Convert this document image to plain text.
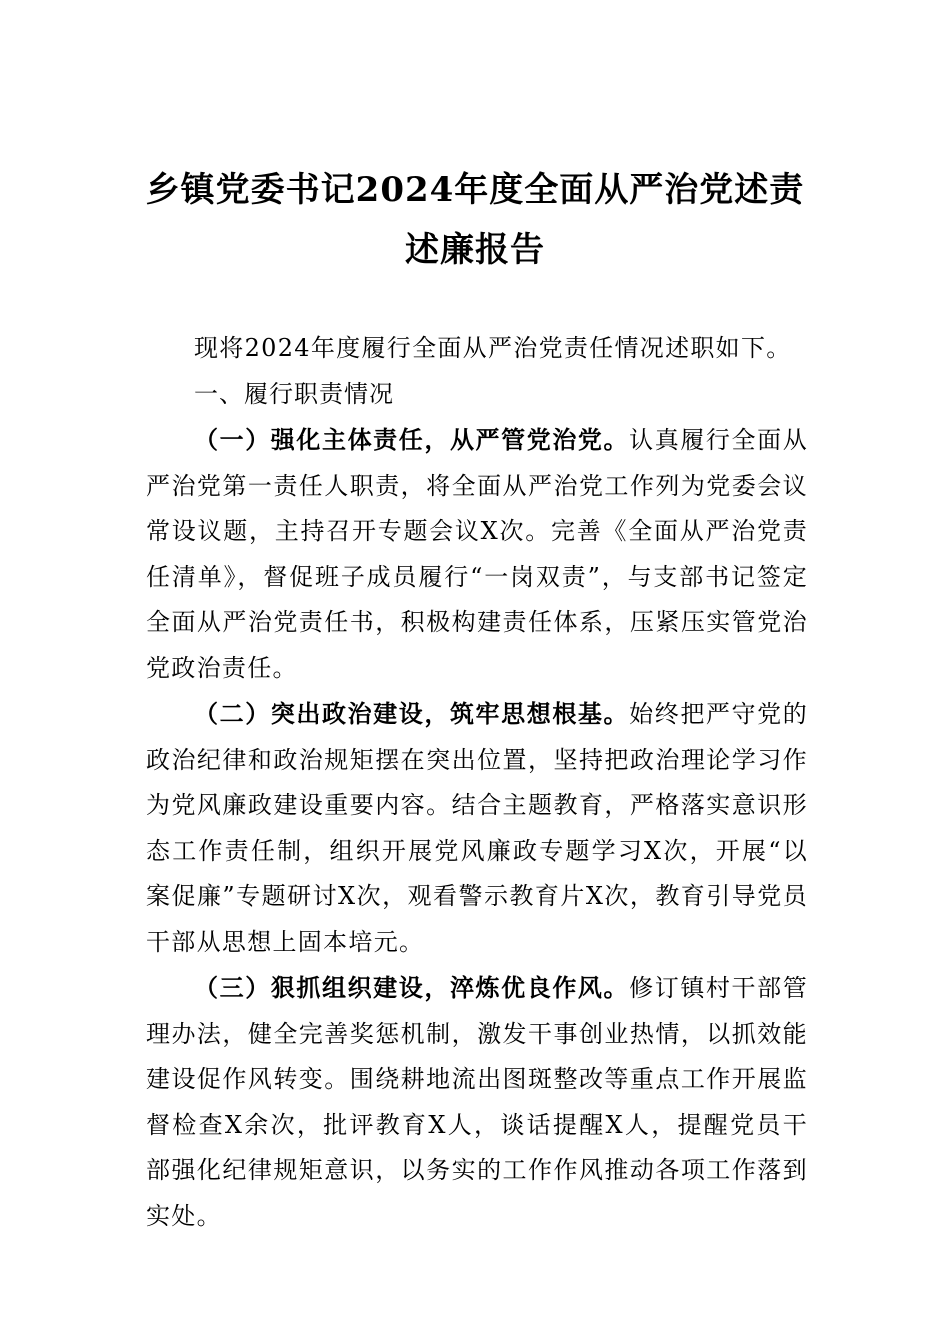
乡镇党委书记2024年度全面从严治党述责
述廉报告

现将2024年度履行全面从严治党责任情况述职如下。

一、履行职责情况

（一）强化主体责任，从严管党治党。认真履行全面从严治党第一责任人职责，将全面从严治党工作列为党委会议常设议题，主持召开专题会议X次。完善《全面从严治党责任清单》，督促班子成员履行“一岗双责”，与支部书记签定全面从严治党责任书，积极构建责任体系，压紧压实管党治党政治责任。

（二）突出政治建设，筑牢思想根基。始终把严守党的政治纪律和政治规矩摆在突出位置，坚持把政治理论学习作为党风廉政建设重要内容。结合主题教育，严格落实意识形态工作责任制，组织开展党风廉政专题学习X次，开展“以案促廉”专题研讨X次，观看警示教育片X次，教育引导党员干部从思想上固本培元。

（三）狠抓组织建设，淬炼优良作风。修订镇村干部管理办法，健全完善奖惩机制，激发干事创业热情，以抓效能建设促作风转变。围绕耕地流出图斑整改等重点工作开展监督检查X余次，批评教育X人，谈话提醒X人，提醒党员干部强化纪律规矩意识，以务实的工作作风推动各项工作落到实处。
